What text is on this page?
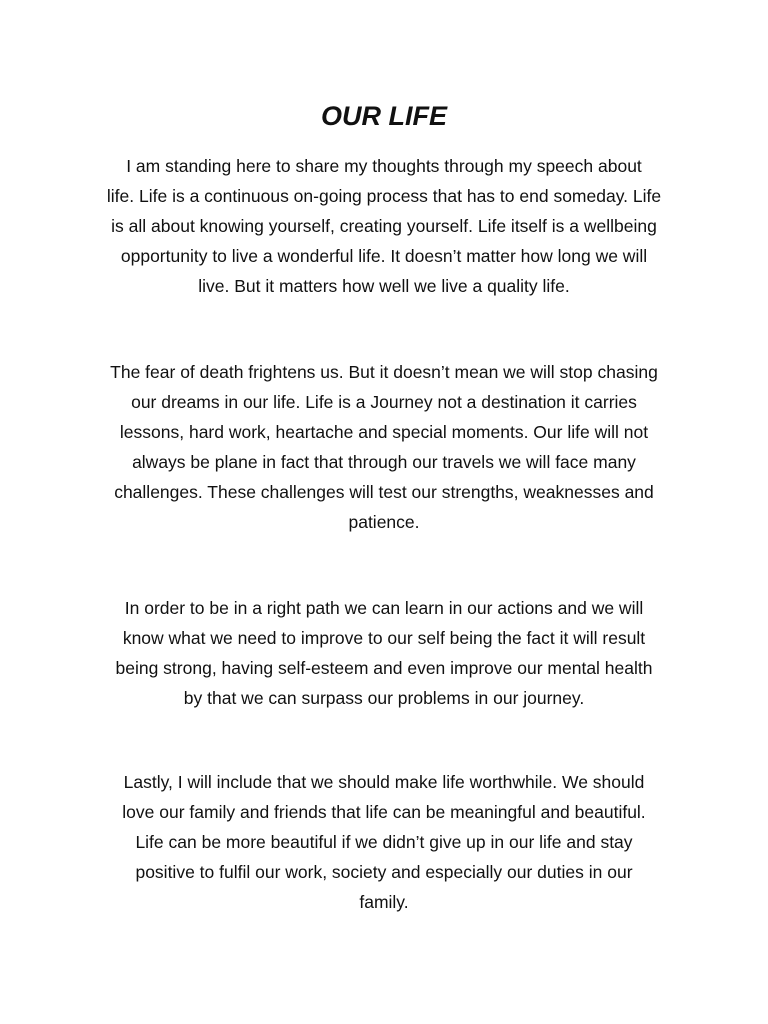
OUR LIFE

I am standing here to share my thoughts through my speech about
life. Life is a continuous on-going process that has to end someday. Life
is all about knowing yourself, creating yourself. Life itself is a wellbeing
opportunity to live a wonderful life. It doesn’t matter how long we will
live. But it matters how well we live a quality life.

The fear of death frightens us. But it doesn’t mean we will stop chasing
our dreams in our life. Life is a Journey not a destination it carries
lessons, hard work, heartache and special moments. Our life will not
always be plane in fact that through our travels we will face many
challenges. These challenges will test our strengths, weaknesses and
patience.

In order to be in a right path we can learn in our actions and we will
know what we need to improve to our self being the fact it will result
being strong, having self-esteem and even improve our mental health
by that we can surpass our problems in our journey.

Lastly, I will include that we should make life worthwhile. We should
love our family and friends that life can be meaningful and beautiful.
Life can be more beautiful if we didn’t give up in our life and stay
positive to fulfil our work, society and especially our duties in our
family.
